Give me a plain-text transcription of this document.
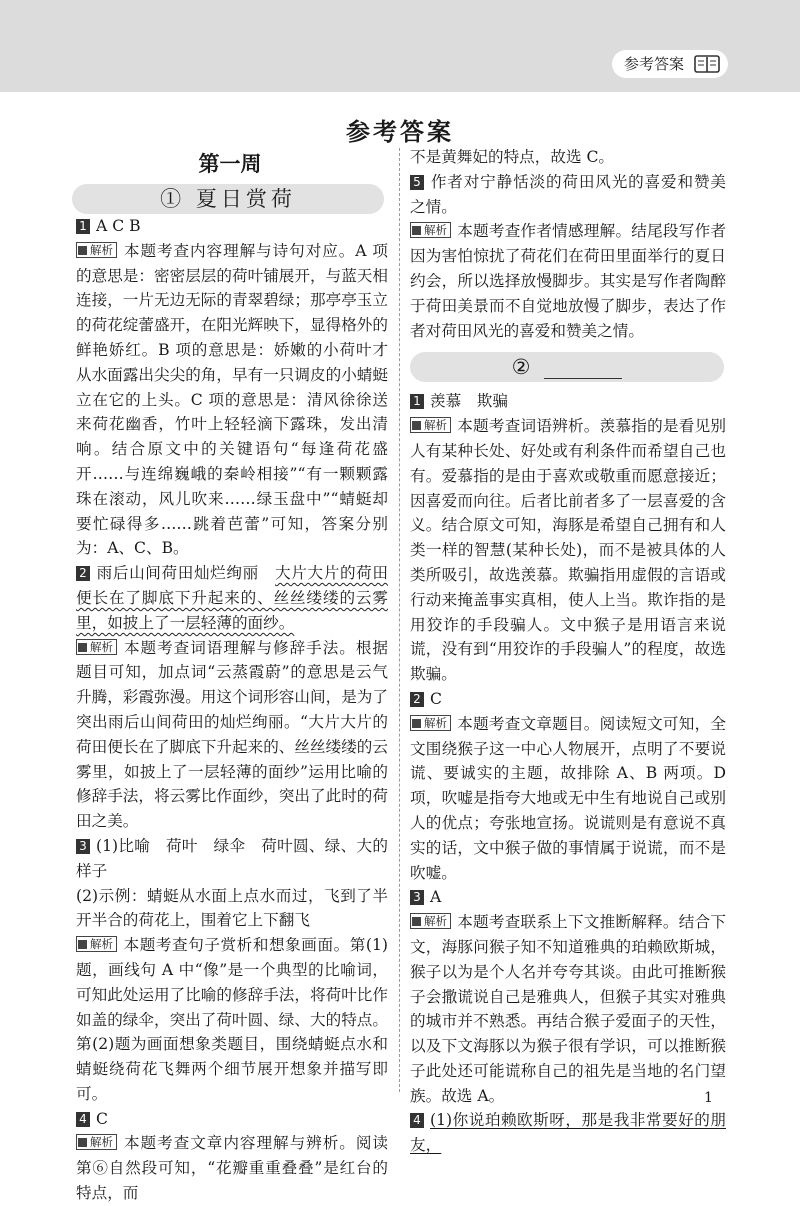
参考答案
参考答案
第一周
① 夏日赏荷
②

1 A C B

解析 本题考查内容理解与诗句对应。A 项的意思是：密密层层的荷叶铺展开，与蓝天相连接，一片无边无际的青翠碧绿；那亭亭玉立的荷花绽蕾盛开，在阳光辉映下，显得格外的鲜艳娇红。B 项的意思是：娇嫩的小荷叶才从水面露出尖尖的角，早有一只调皮的小蜻蜓立在它的上头。C 项的意思是：清风徐徐送来荷花幽香，竹叶上轻轻滴下露珠，发出清响。结合原文中的关键语句“每逢荷花盛开……与连绵巍峨的秦岭相接”“有一颗颗露珠在滚动，风儿吹来……绿玉盘中”“蜻蜓却要忙碌得多……跳着芭蕾”可知，答案分别为：A、C、B。

2 雨后山间荷田灿烂绚丽　 大片大片的荷田便长在了脚底下升起来的、丝丝缕缕的云雾里，如披上了一层轻薄的面纱。

解析 本题考查词语理解与修辞手法。根据题目可知，加点词“云蒸霞蔚”的意思是云气升腾，彩霞弥漫。用这个词形容山间，是为了突出雨后山间荷田的灿烂绚丽。“大片大片的荷田便长在了脚底下升起来的、丝丝缕缕的云雾里，如披上了一层轻薄的面纱”运用比喻的修辞手法，将云雾比作面纱，突出了此时的荷田之美。

3 (1)比喻　荷叶　绿伞　荷叶圆、绿、大的样子

(2)示例：蜻蜓从水面上点水而过，飞到了半开半合的荷花上，围着它上下翻飞

解析 本题考查句子赏析和想象画面。第(1)题，画线句 A 中“像”是一个典型的比喻词，可知此处运用了比喻的修辞手法，将荷叶比作如盖的绿伞，突出了荷叶圆、绿、大的特点。第(2)题为画面想象类题目，围绕蜻蜓点水和蜻蜓绕荷花飞舞两个细节展开想象并描写即可。

4 C

解析 本题考查文章内容理解与辨析。阅读第⑥自然段可知，“花瓣重重叠叠”是红台的特点，而

不是黄舞妃的特点，故选 C。

5 作者对宁静恬淡的荷田风光的喜爱和赞美之情。

解析 本题考查作者情感理解。结尾段写作者因为害怕惊扰了荷花们在荷田里面举行的夏日约会，所以选择放慢脚步。其实是写作者陶醉于荷田美景而不自觉地放慢了脚步，表达了作者对荷田风光的喜爱和赞美之情。

1 羡慕　欺骗

解析 本题考查词语辨析。羡慕指的是看见别人有某种长处、好处或有利条件而希望自己也有。爱慕指的是由于喜欢或敬重而愿意接近；因喜爱而向往。后者比前者多了一层喜爱的含义。结合原文可知，海豚是希望自己拥有和人类一样的智慧(某种长处)，而不是被具体的人类所吸引，故选羡慕。欺骗指用虚假的言语或行动来掩盖事实真相，使人上当。欺诈指的是用狡诈的手段骗人。文中猴子是用语言来说谎，没有到“用狡诈的手段骗人”的程度，故选欺骗。

2 C

解析 本题考查文章题目。阅读短文可知，全文围绕猴子这一中心人物展开，点明了不要说谎、要诚实的主题，故排除 A、B 两项。D 项，吹嘘是指夸大地或无中生有地说自己或别人的优点；夸张地宣扬。说谎则是有意说不真实的话，文中猴子做的事情属于说谎，而不是吹嘘。

3 A

解析 本题考查联系上下文推断解释。结合下文，海豚问猴子知不知道雅典的珀赖欧斯城，猴子以为是个人名并夸夸其谈。由此可推断猴子会撒谎说自己是雅典人，但猴子其实对雅典的城市并不熟悉。再结合猴子爱面子的天性，以及下文海豚以为猴子很有学识，可以推断猴子此处还可能谎称自己的祖先是当地的名门望族。故选 A。

4 (1)你说珀赖欧斯呀，那是我非常要好的朋友，

1
